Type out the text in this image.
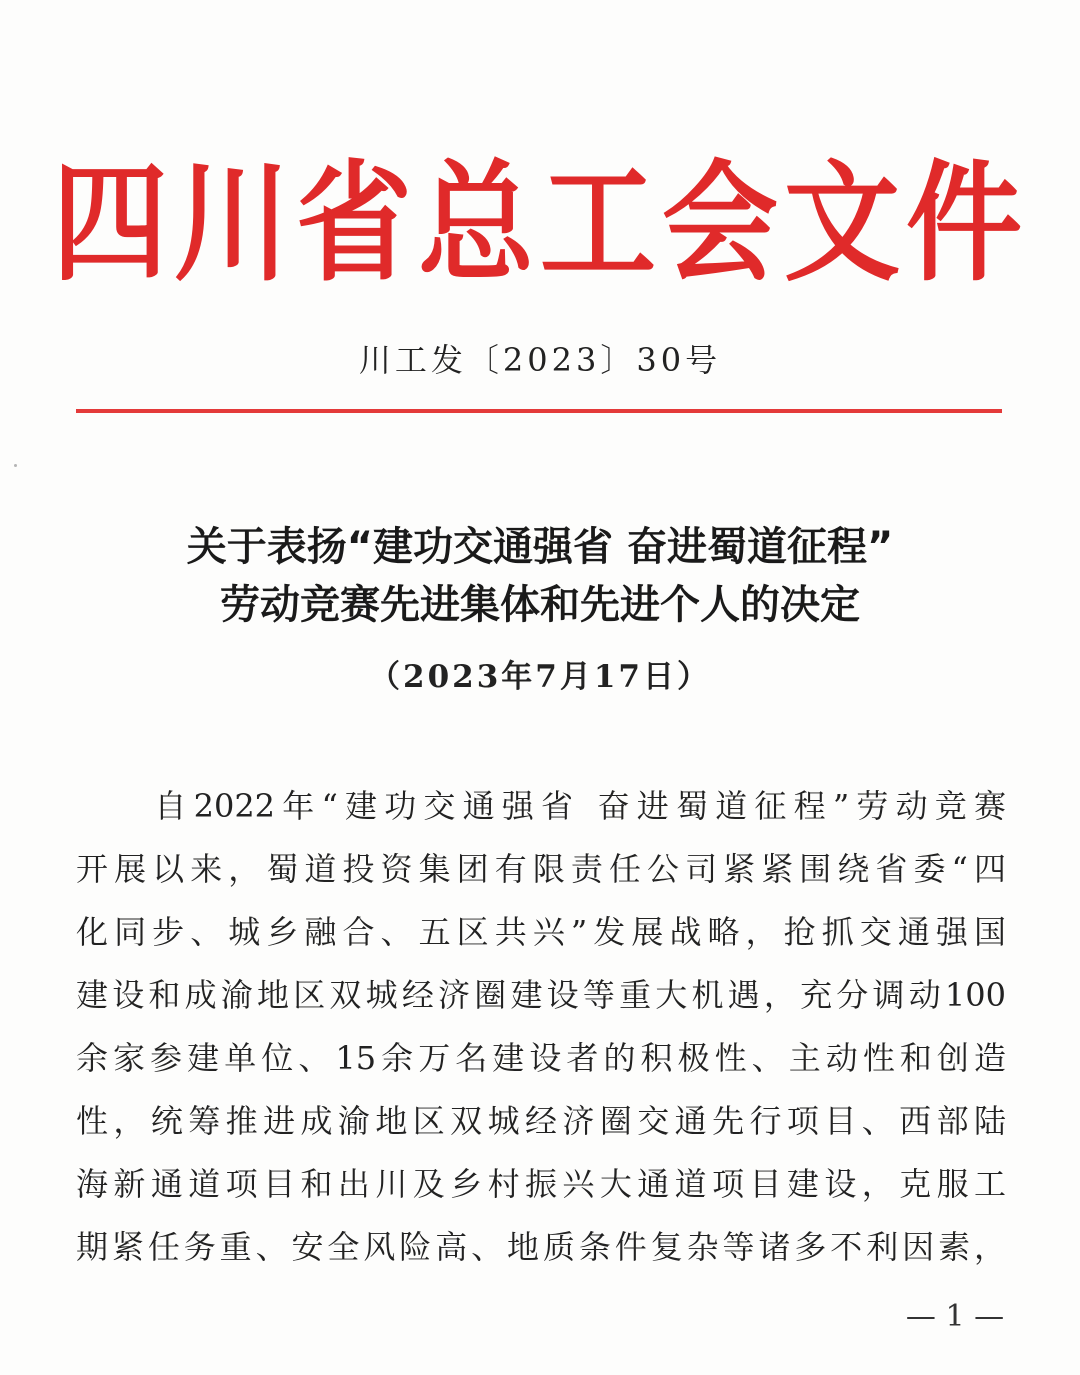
四川省总工会文件
川工发〔2023〕30号
关于表扬“建功交通强省 奋进蜀道征程”
劳动竞赛先进集体和先进个人的决定
（2023年7月17日）
　　自2022年“建功交通强省 奋进蜀道征程”劳动竞赛
开展以来，蜀道投资集团有限责任公司紧紧围绕省委“四
化同步、城乡融合、五区共兴”发展战略，抢抓交通强国
建设和成渝地区双城经济圈建设等重大机遇，充分调动100
余家参建单位、15余万名建设者的积极性、主动性和创造
性，统筹推进成渝地区双城经济圈交通先行项目、西部陆
海新通道项目和出川及乡村振兴大通道项目建设，克服工
期紧任务重、安全风险高、地质条件复杂等诸多不利因素，
— 1 —
